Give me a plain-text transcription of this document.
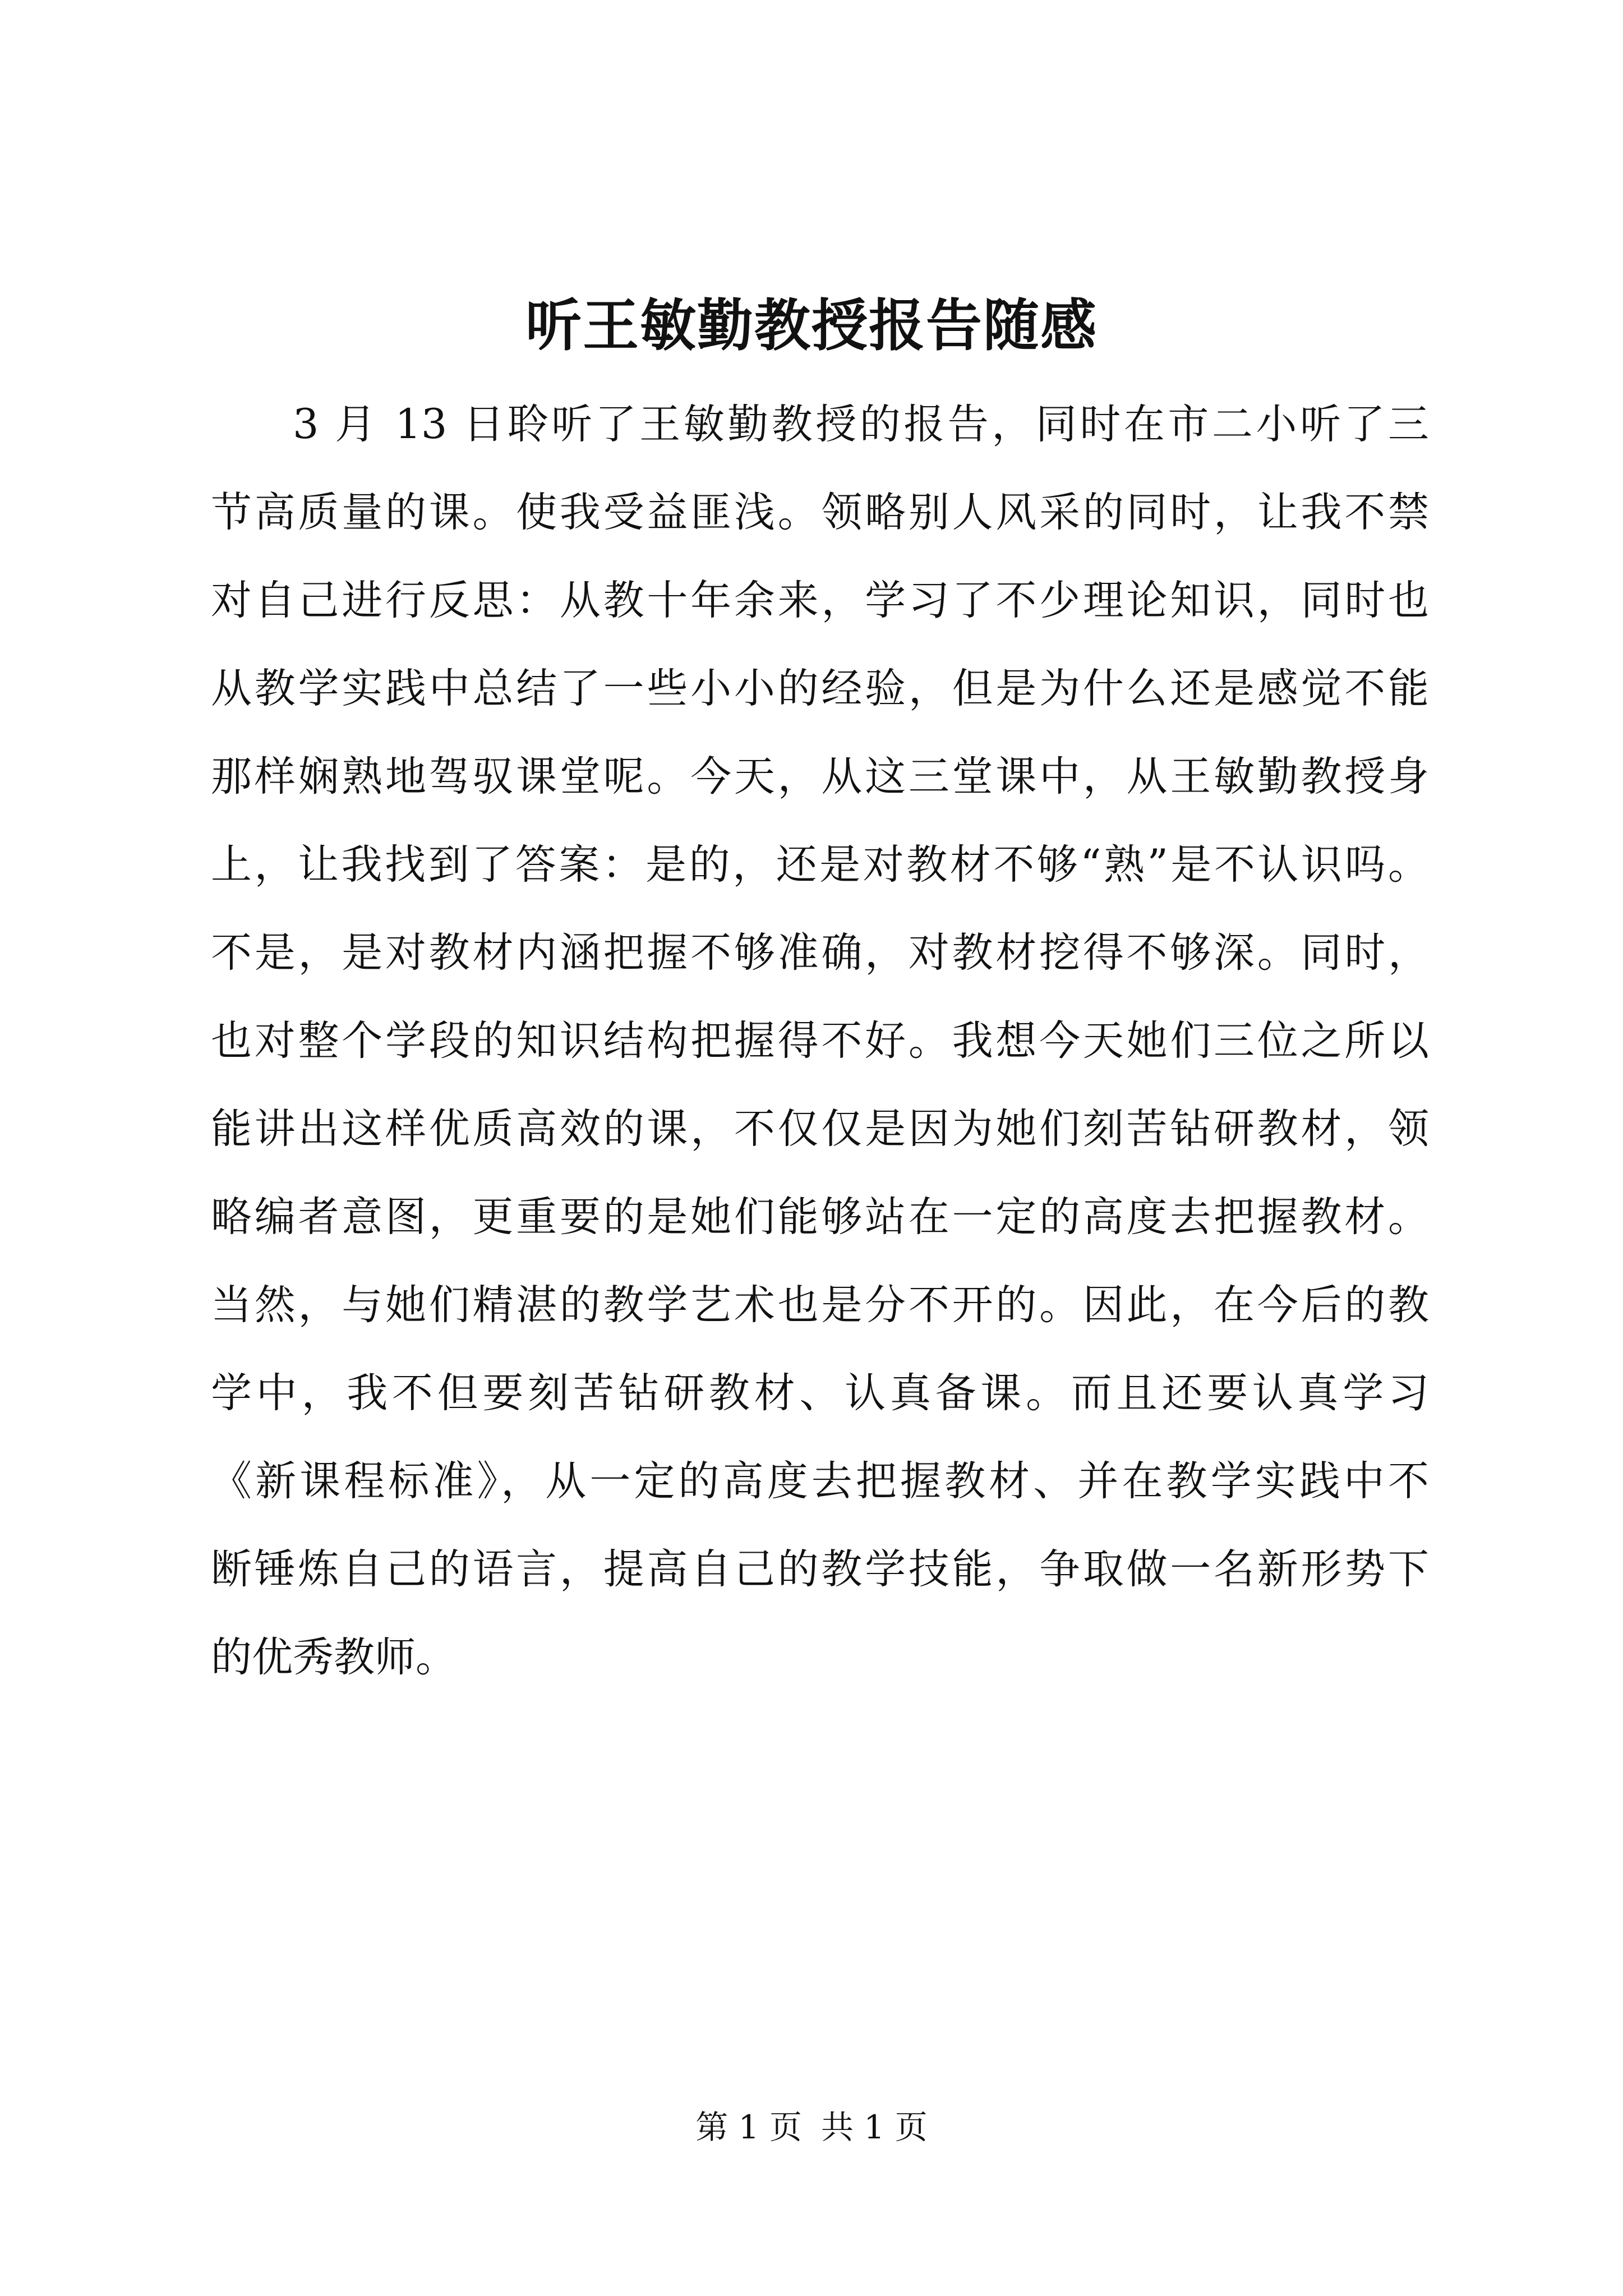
听王敏勤教授报告随感
3 月 13 日聆听了王敏勤教授的报告，同时在市二小听了三
节高质量的课。使我受益匪浅。领略别人风采的同时，让我不禁
对自己进行反思：从教十年余来，学习了不少理论知识，同时也
从教学实践中总结了一些小小的经验，但是为什么还是感觉不能
那样娴熟地驾驭课堂呢。今天，从这三堂课中，从王敏勤教授身
上，让我找到了答案：是的，还是对教材不够“熟”是不认识吗。
不是，是对教材内涵把握不够准确，对教材挖得不够深。同时，
也对整个学段的知识结构把握得不好。我想今天她们三位之所以
能讲出这样优质高效的课，不仅仅是因为她们刻苦钻研教材，领
略编者意图，更重要的是她们能够站在一定的高度去把握教材。
当然，与她们精湛的教学艺术也是分不开的。因此，在今后的教
学中，我不但要刻苦钻研教材、认真备课。而且还要认真学习
《新课程标准》，从一定的高度去把握教材、并在教学实践中不
断锤炼自己的语言，提高自己的教学技能，争取做一名新形势下
的优秀教师。
第 1 页 共 1 页
